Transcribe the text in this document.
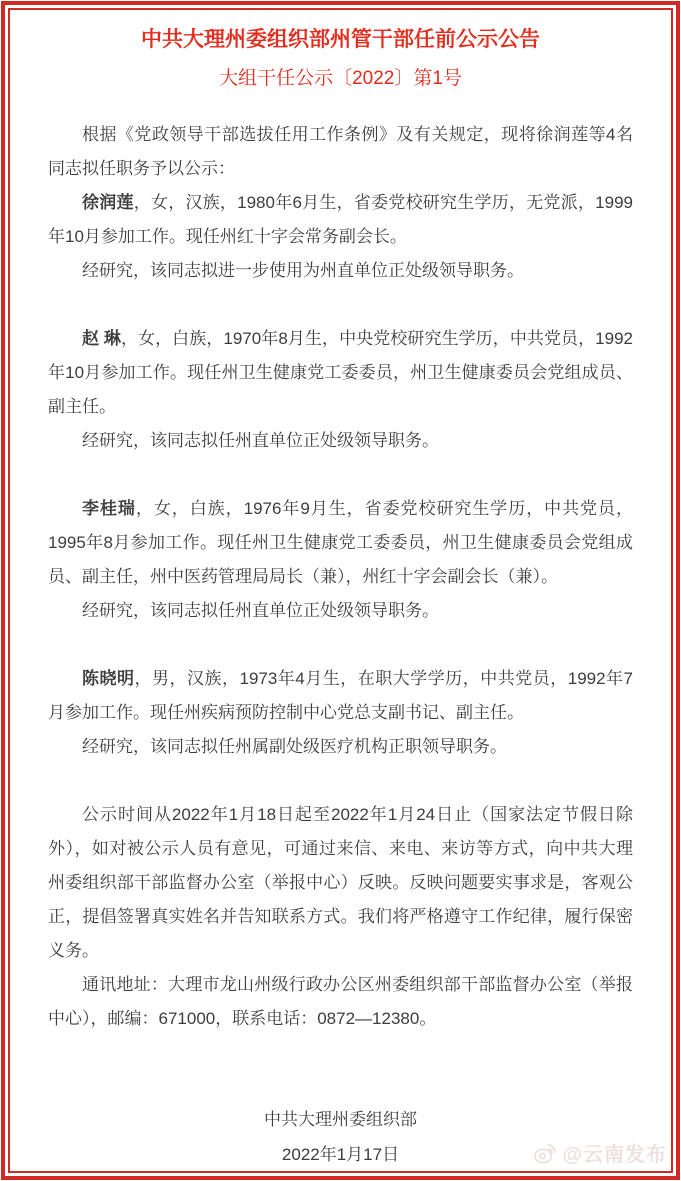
中共大理州委组织部州管干部任前公示公告
大组干任公示〔2022〕第1号

根据《党政领导干部选拔任用工作条例》及有关规定，现将徐润莲等4名同志拟任职务予以公示：

徐润莲，女，汉族，1980年6月生，省委党校研究生学历，无党派，1999年10月参加工作。现任州红十字会常务副会长。

经研究，该同志拟进一步使用为州直单位正处级领导职务。

赵 琳，女，白族，1970年8月生，中央党校研究生学历，中共党员，1992年10月参加工作。现任州卫生健康党工委委员，州卫生健康委员会党组成员、副主任。

经研究，该同志拟任州直单位正处级领导职务。

李桂瑞，女，白族，1976年9月生，省委党校研究生学历，中共党员，1995年8月参加工作。现任州卫生健康党工委委员，州卫生健康委员会党组成员、副主任，州中医药管理局局长（兼），州红十字会副会长（兼）。

经研究，该同志拟任州直单位正处级领导职务。

陈晓明，男，汉族，1973年4月生，在职大学学历，中共党员，1992年7月参加工作。现任州疾病预防控制中心党总支副书记、副主任。

经研究，该同志拟任州属副处级医疗机构正职领导职务。

公示时间从2022年1月18日起至2022年1月24日止（国家法定节假日除外），如对被公示人员有意见，可通过来信、来电、来访等方式，向中共大理州委组织部干部监督办公室（举报中心）反映。反映问题要实事求是，客观公正，提倡签署真实姓名并告知联系方式。我们将严格遵守工作纪律，履行保密义务。

通讯地址：大理市龙山州级行政办公区州委组织部干部监督办公室（举报中心），邮编：671000，联系电话：0872—12380。

中共大理州委组织部

2022年1月17日	@云南发布
